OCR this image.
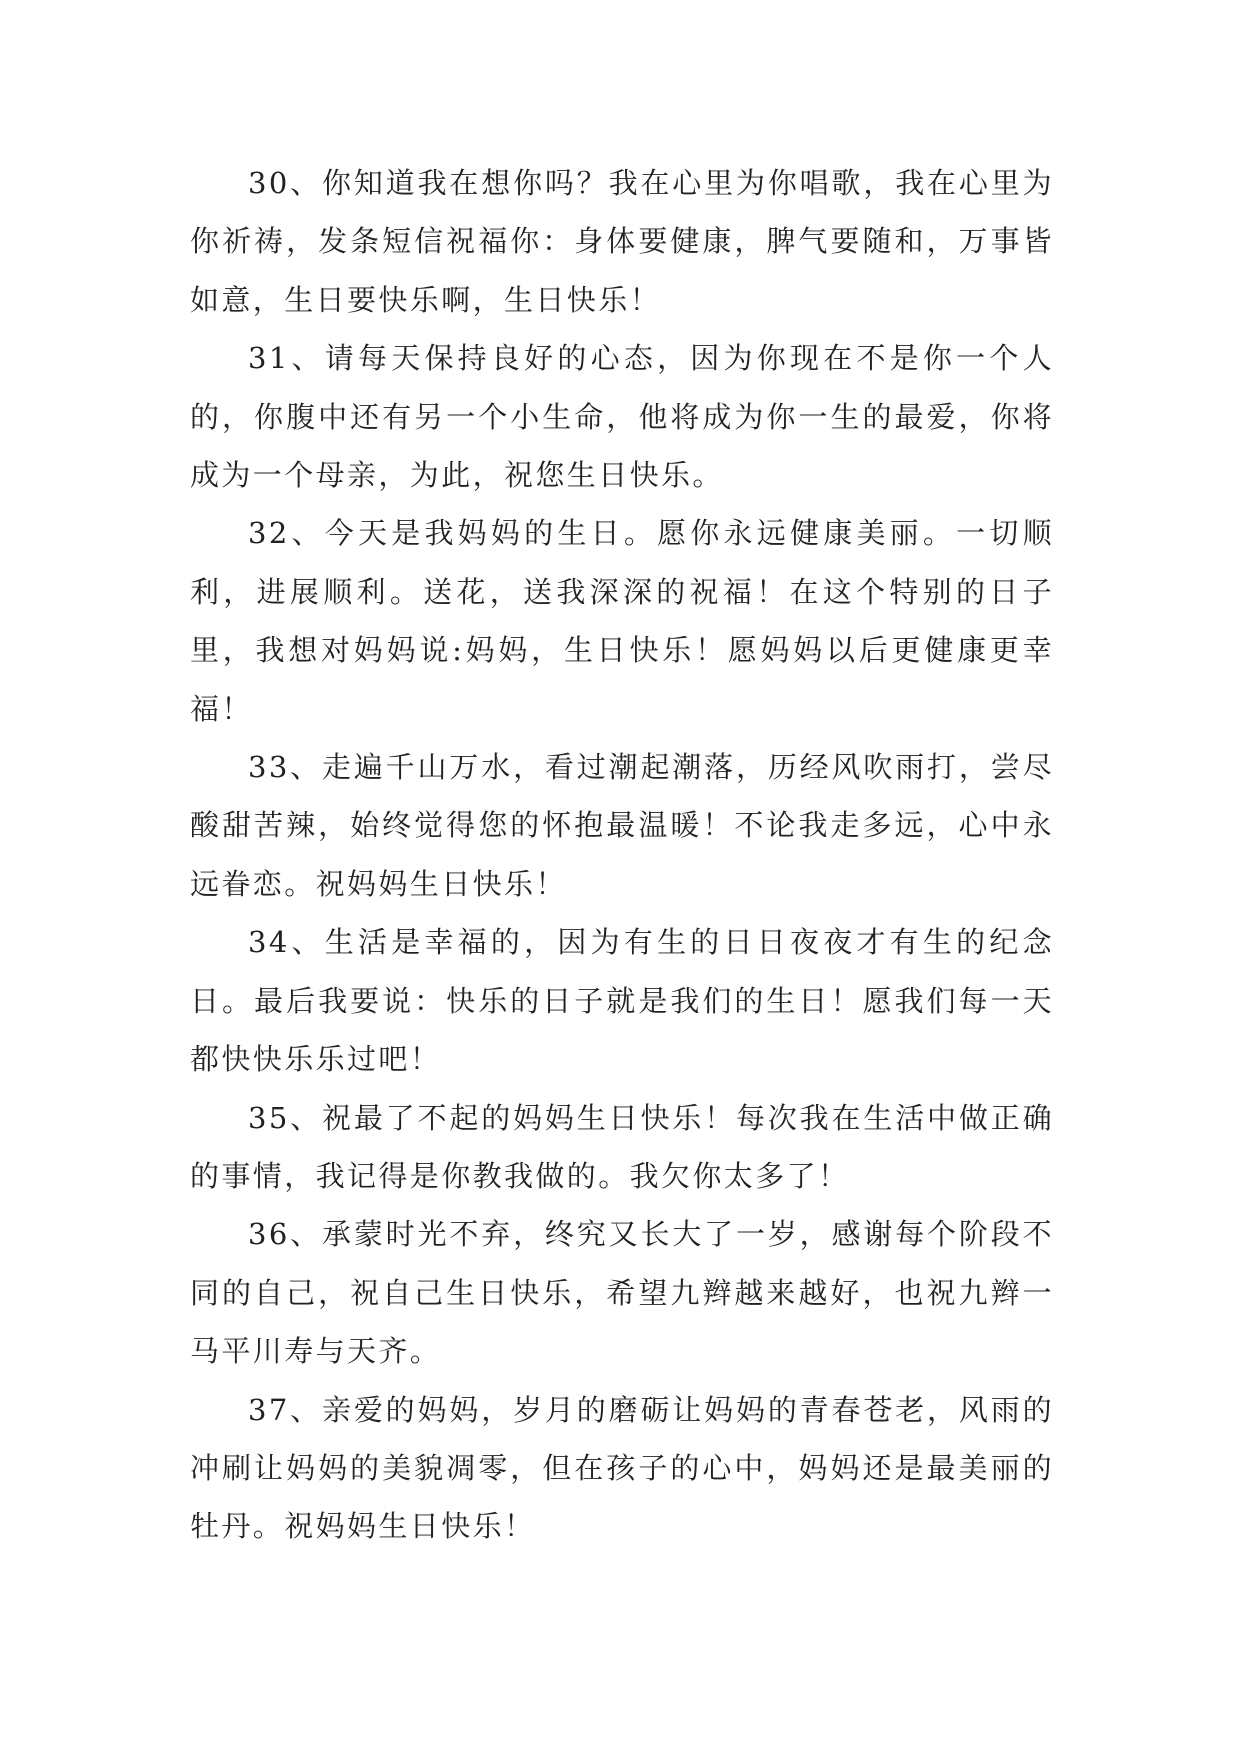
30、你知道我在想你吗？我在心里为你唱歌，我在心里为你祈祷，发条短信祝福你：身体要健康，脾气要随和，万事皆如意，生日要快乐啊，生日快乐！

31、请每天保持良好的心态，因为你现在不是你一个人的，你腹中还有另一个小生命，他将成为你一生的最爱，你将成为一个母亲，为此，祝您生日快乐。

32、今天是我妈妈的生日。愿你永远健康美丽。一切顺利，进展顺利。送花，送我深深的祝福！在这个特别的日子里，我想对妈妈说:妈妈，生日快乐！愿妈妈以后更健康更幸福！

33、走遍千山万水，看过潮起潮落，历经风吹雨打，尝尽酸甜苦辣，始终觉得您的怀抱最温暖！不论我走多远，心中永远眷恋。祝妈妈生日快乐！

34、生活是幸福的，因为有生的日日夜夜才有生的纪念日。最后我要说：快乐的日子就是我们的生日！愿我们每一天都快快乐乐过吧！

35、祝最了不起的妈妈生日快乐！每次我在生活中做正确的事情，我记得是你教我做的。我欠你太多了！

36、承蒙时光不弃，终究又长大了一岁，感谢每个阶段不同的自己，祝自己生日快乐，希望九辫越来越好，也祝九辫一马平川寿与天齐。

37、亲爱的妈妈，岁月的磨砺让妈妈的青春苍老，风雨的冲刷让妈妈的美貌凋零，但在孩子的心中，妈妈还是最美丽的牡丹。祝妈妈生日快乐！
